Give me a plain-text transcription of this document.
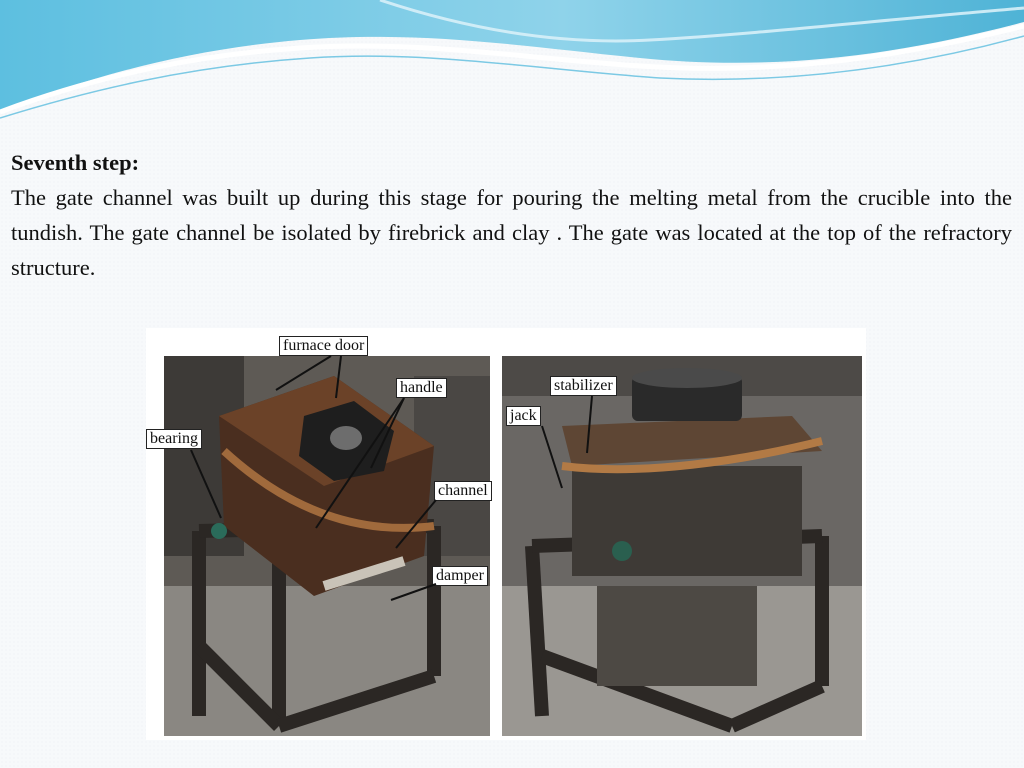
Seventh step:
The gate channel was built up during this stage for pouring the melting metal from the crucible into the tundish. The gate channel be isolated by firebrick and clay . The gate was located at the top of the refractory structure.
furnace door
handle
bearing
channel
damper
stabilizer
jack
